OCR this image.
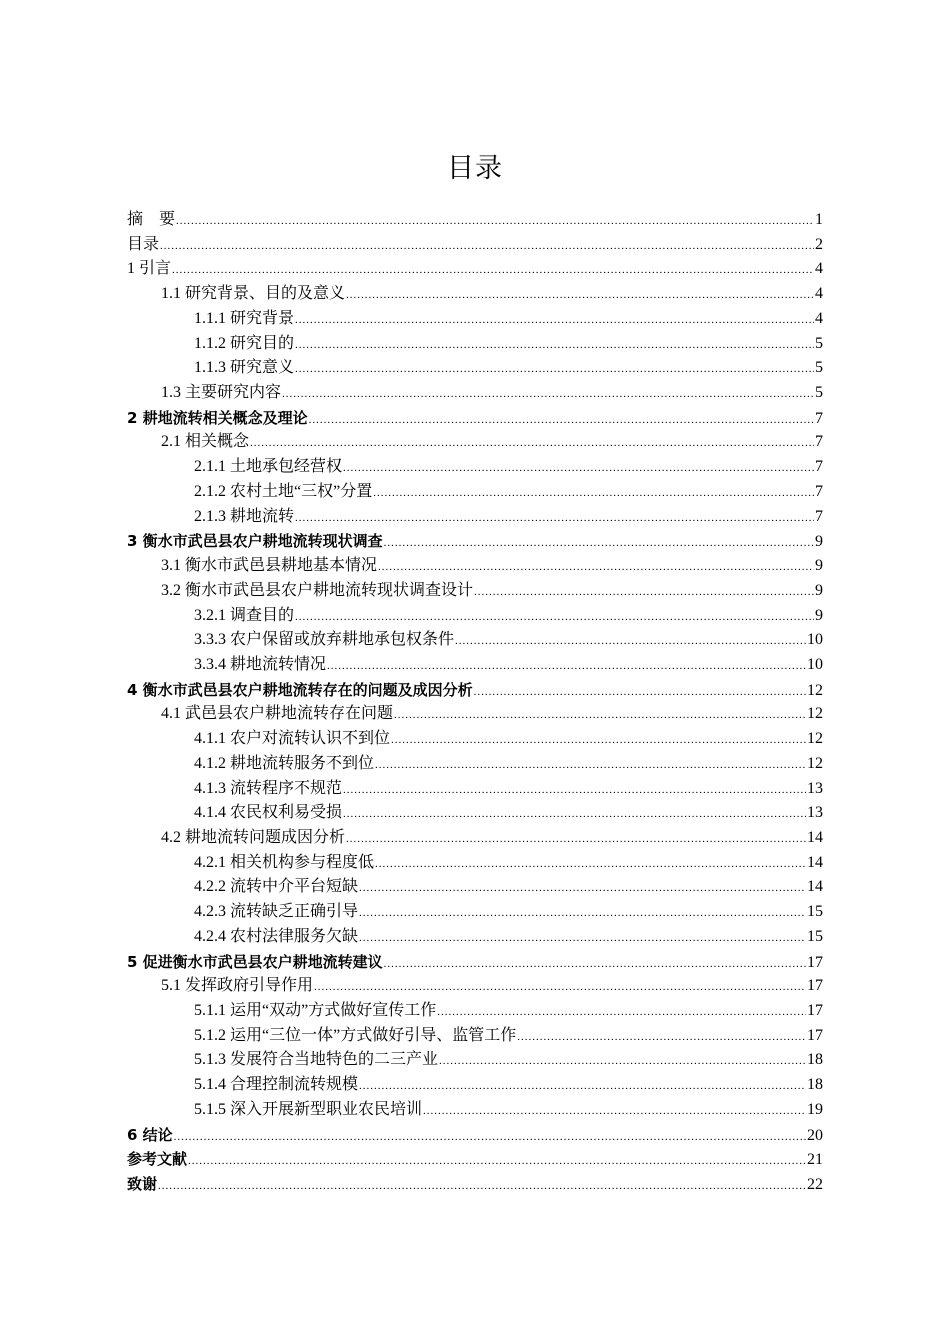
目录
摘　要 .....	1
目录 .....	2
1 引言 .....	4
1.1 研究背景、目的及意义 .....	4
1.1.1 研究背景 .....	4
1.1.2 研究目的 .....	5
1.1.3 研究意义 .....	5
1.3 主要研究内容 .....	5
2 耕地流转相关概念及理论 .....	7
2.1 相关概念 .....	7
2.1.1 土地承包经营权 .....	7
2.1.2 农村土地“三权”分置 .....	7
2.1.3 耕地流转 .....	7
3 衡水市武邑县农户耕地流转现状调查 .....	9
3.1 衡水市武邑县耕地基本情况 .....	9
3.2 衡水市武邑县农户耕地流转现状调查设计 .....	9
3.2.1 调查目的 .....	9
3.3.3 农户保留或放弃耕地承包权条件 .....	10
3.3.4 耕地流转情况 .....	10
4 衡水市武邑县农户耕地流转存在的问题及成因分析 .....	12
4.1 武邑县农户耕地流转存在问题 .....	12
4.1.1 农户对流转认识不到位 .....	12
4.1.2 耕地流转服务不到位 .....	12
4.1.3 流转程序不规范 .....	13
4.1.4 农民权利易受损 .....	13
4.2 耕地流转问题成因分析 .....	14
4.2.1 相关机构参与程度低 .....	14
4.2.2 流转中介平台短缺 .....	14
4.2.3 流转缺乏正确引导 .....	15
4.2.4 农村法律服务欠缺 .....	15
5 促进衡水市武邑县农户耕地流转建议 .....	17
5.1 发挥政府引导作用 .....	17
5.1.1 运用“双动”方式做好宣传工作 .....	17
5.1.2 运用“三位一体”方式做好引导、监管工作 .....	17
5.1.3 发展符合当地特色的二三产业 .....	18
5.1.4 合理控制流转规模 .....	18
5.1.5 深入开展新型职业农民培训 .....	19
6 结论 .....	20
参考文献 .....	21
致谢 .....	22
